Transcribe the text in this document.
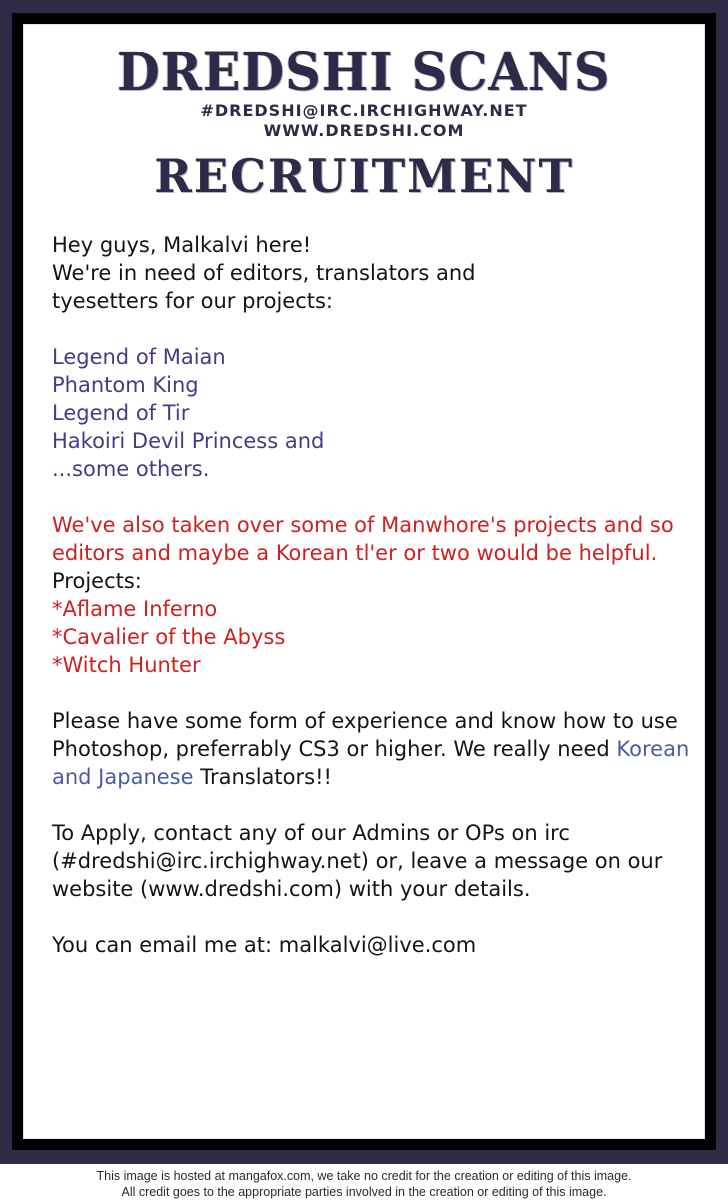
DREDSHI SCANS
#DREDSHI@IRC.IRCHIGHWAY.NET
WWW.DREDSHI.COM
RECRUITMENT
Hey guys, Malkalvi here!
We're in need of editors, translators and
tyesetters for our projects:
Legend of Maian
Phantom King
Legend of Tir
Hakoiri Devil Princess and
...some others.
We've also taken over some of Manwhore's projects and so
editors and maybe a Korean tl'er or two would be helpful.
Projects:
*Aflame Inferno
*Cavalier of the Abyss
*Witch Hunter
Please have some form of experience and know how to use
Photoshop, preferrably CS3 or higher. We really need Korean
and Japanese Translators!!
To Apply, contact any of our Admins or OPs on irc
(#dredshi@irc.irchighway.net) or, leave a message on our
website (www.dredshi.com) with your details.
You can email me at: malkalvi@live.com
This image is hosted at mangafox.com, we take no credit for the creation or editing of this image.
All credit goes to the appropriate parties involved in the creation or editing of this image.
